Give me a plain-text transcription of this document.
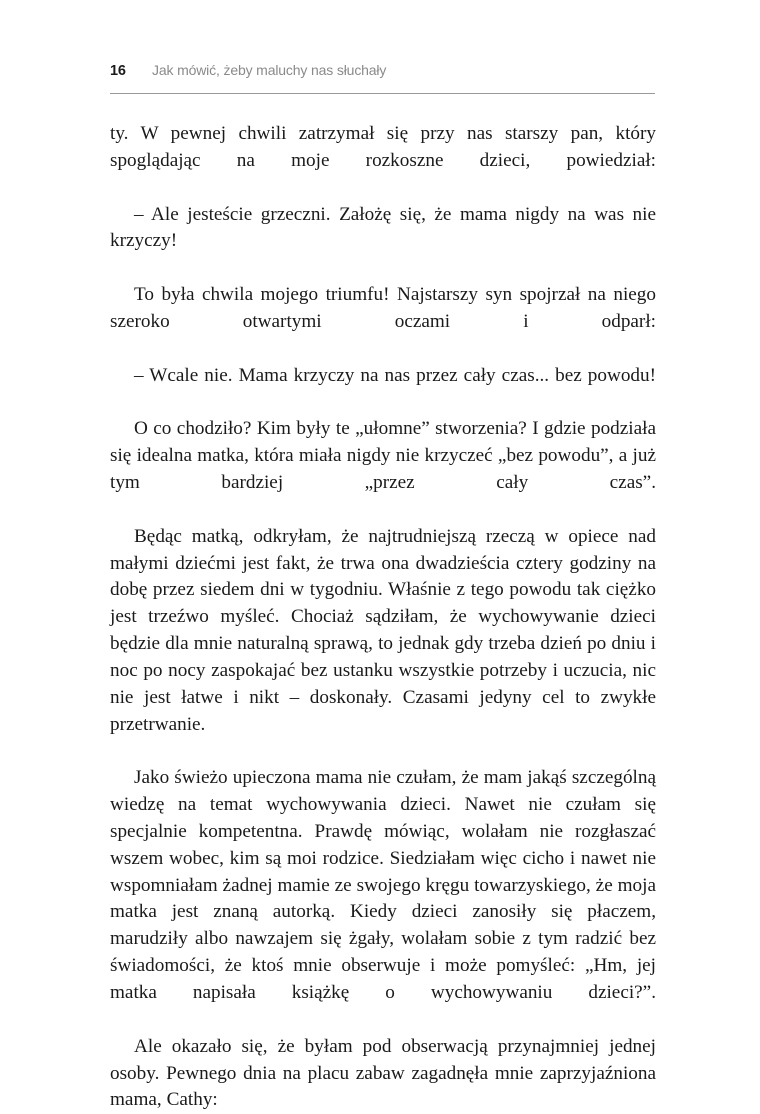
16	Jak mówić, żeby maluchy nas słuchały

ty. W pewnej chwili zatrzymał się przy nas starszy pan, który spoglądając na moje rozkoszne dzieci, powiedział:

– Ale jesteście grzeczni. Założę się, że mama nigdy na was nie krzyczy!

To była chwila mojego triumfu! Najstarszy syn spojrzał na niego szeroko otwartymi oczami i odparł:

– Wcale nie. Mama krzyczy na nas przez cały czas... bez powodu!

O co chodziło? Kim były te „ułomne” stworzenia? I gdzie podziała się idealna matka, która miała nigdy nie krzyczeć „bez powodu”, a już tym bardziej „przez cały czas”.

Będąc matką, odkryłam, że najtrudniejszą rzeczą w opiece nad małymi dziećmi jest fakt, że trwa ona dwadzieścia cztery godziny na dobę przez siedem dni w tygodniu. Właśnie z tego powodu tak ciężko jest trzeźwo myśleć. Chociaż sądziłam, że wychowywanie dzieci będzie dla mnie naturalną sprawą, to jednak gdy trzeba dzień po dniu i noc po nocy zaspokajać bez ustanku wszystkie potrzeby i uczucia, nic nie jest łatwe i nikt – doskonały. Czasami jedyny cel to zwykłe przetrwanie.

Jako świeżo upieczona mama nie czułam, że mam jakąś szczególną wiedzę na temat wychowywania dzieci. Nawet nie czułam się specjalnie kompetentna. Prawdę mówiąc, wolałam nie rozgłaszać wszem wobec, kim są moi rodzice. Siedziałam więc cicho i nawet nie wspomniałam żadnej mamie ze swojego kręgu towarzyskiego, że moja matka jest znaną autorką. Kiedy dzieci zanosiły się płaczem, marudziły albo nawzajem się żgały, wolałam sobie z tym radzić bez świadomości, że ktoś mnie obserwuje i może pomyśleć: „Hm, jej matka napisała książkę o wychowywaniu dzieci?”.

Ale okazało się, że byłam pod obserwacją przynajmniej jednej osoby. Pewnego dnia na placu zabaw zagadnęła mnie zaprzyjaźniona mama, Cathy:
